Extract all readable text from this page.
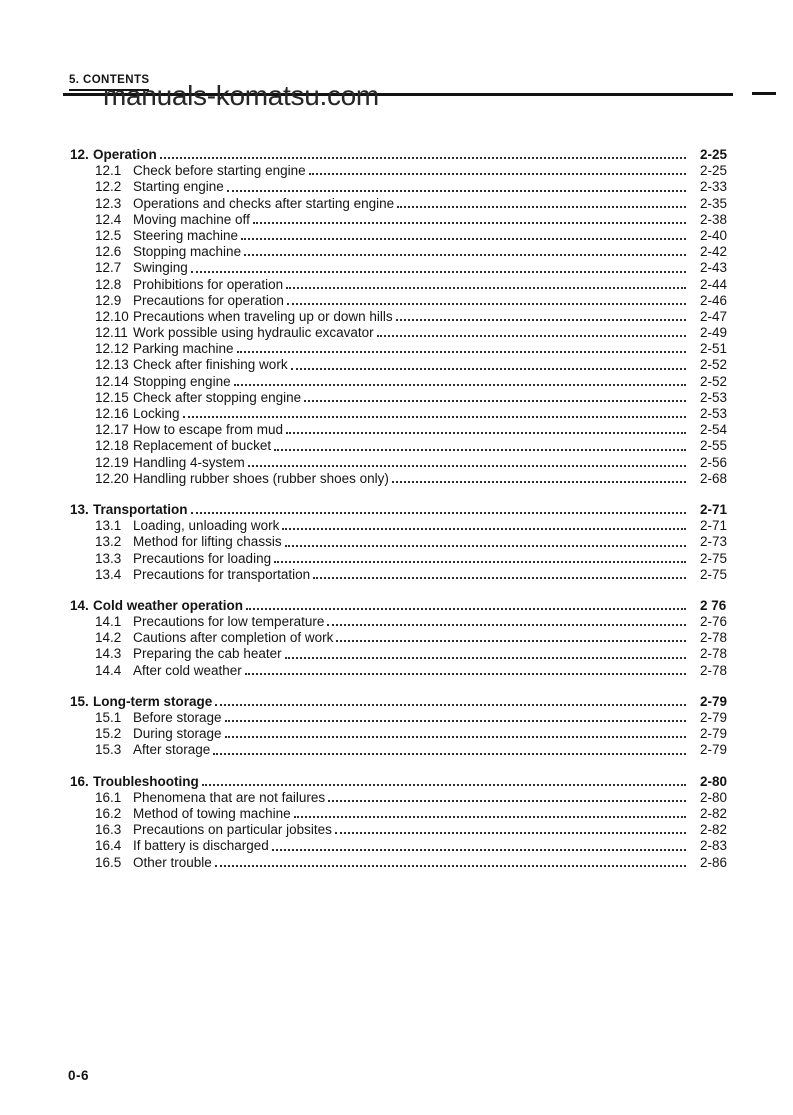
5. CONTENTS
manuals-komatsu.com
12. Operation	2-25
12.1 Check before starting engine	2-25
12.2 Starting engine	2-33
12.3 Operations and checks after starting engine	2-35
12.4 Moving machine off	2-38
12.5 Steering machine	2-40
12.6 Stopping machine	2-42
12.7 Swinging	2-43
12.8 Prohibitions for operation	2-44
12.9 Precautions for operation	2-46
12.10 Precautions when traveling up or down hills	2-47
12.11 Work possible using hydraulic excavator	2-49
12.12 Parking machine	2-51
12.13 Check after finishing work	2-52
12.14 Stopping engine	2-52
12.15 Check after stopping engine	2-53
12.16 Locking	2-53
12.17 How to escape from mud	2-54
12.18 Replacement of bucket	2-55
12.19 Handling 4-system	2-56
12.20 Handling rubber shoes (rubber shoes only)	2-68
13. Transportation	2-71
13.1 Loading, unloading work	2-71
13.2 Method for lifting chassis	2-73
13.3 Precautions for loading	2-75
13.4 Precautions for transportation	2-75
14. Cold weather operation	2 76
14.1 Precautions for low temperature	2-76
14.2 Cautions after completion of work	2-78
14.3 Preparing the cab heater	2-78
14.4 After cold weather	2-78
15. Long-term storage	2-79
15.1 Before storage	2-79
15.2 During storage	2-79
15.3 After storage	2-79
16. Troubleshooting	2-80
16.1 Phenomena that are not failures	2-80
16.2 Method of towing machine	2-82
16.3 Precautions on particular jobsites	2-82
16.4 If battery is discharged	2-83
16.5 Other trouble	2-86
0-6
